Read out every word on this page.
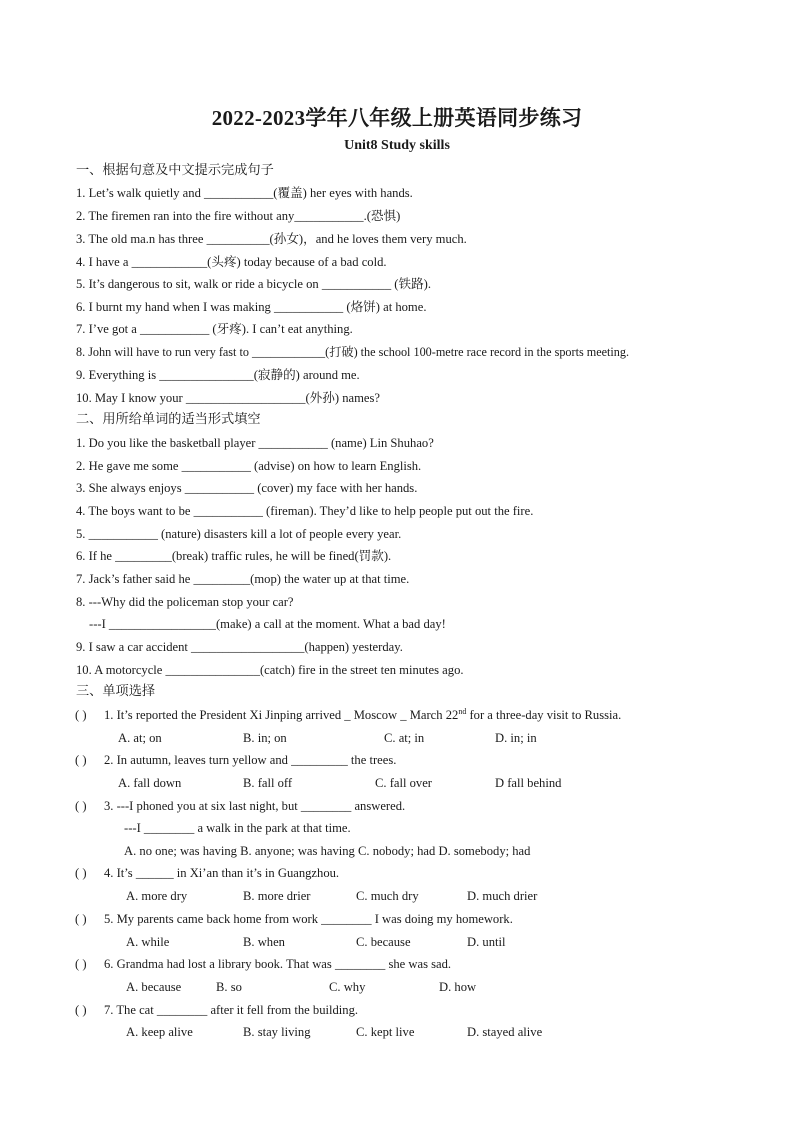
2022-2023学年八年级上册英语同步练习
Unit8 Study skills
一、根据句意及中文提示完成句子
1. Let’s walk quietly and ___________(覆盖) her eyes with hands.
2. The firemen ran into the fire without any___________.(恐惧)
3. The old ma.n has three __________(孙女)，and he loves them very much.
4. I have a ____________(头疼) today because of a bad cold.
5. It’s dangerous to sit, walk or ride a bicycle on ___________ (铁路).
6. I burnt my hand when I was making ___________ (烙饼) at home.
7. I’ve got a ___________ (牙疼). I can’t eat anything.
8. John will have to run very fast to ____________(打破) the school 100-metre race record in the sports meeting.
9. Everything is _______________(寂静的) around me.
10. May I know your ___________________(外孙) names?
二、用所给单词的适当形式填空
1. Do you like the basketball player ___________ (name) Lin Shuhao?
2. He gave me some ___________ (advise) on how to learn English.
3. She always enjoys ___________ (cover) my face with her hands.
4. The boys want to be ___________ (fireman). They’d like to help people put out the fire.
5. ___________ (nature) disasters kill a lot of people every year.
6. If he _________(break) traffic rules, he will be fined(罚款).
7. Jack’s father said he _________(mop) the water up at that time.
8. ---Why did the policeman stop your car?
---I _________________(make) a call at the moment. What a bad day!
9. I saw a car accident __________________(happen) yesterday.
10. A motorcycle _______________(catch) fire in the street ten minutes ago.
三、单项选择
( ) 1. It’s reported the President Xi Jinping arrived _ Moscow _ March 22nd for a three-day visit to Russia.
A. at; on	B. in; on	C. at; in	D. in; in
( ) 2. In autumn, leaves turn yellow and _________ the trees.
A. fall down	B. fall off	C. fall over	D fall behind
( ) 3. ---I phoned you at six last night, but ________ answered.
---I ________ a walk in the park at that time.
A. no one; was having B. anyone; was having C. nobody; had D. somebody; had
( ) 4. It’s ______ in Xi’an than it’s in Guangzhou.
A. more dry	B. more drier	C. much dry	D. much drier
( ) 5. My parents came back home from work ________ I was doing my homework.
A. while	B. when	C. because	D. until
( ) 6. Grandma had lost a library book. That was ________ she was sad.
A. because	B. so	C. why	D. how
( ) 7. The cat ________ after it fell from the building.
A. keep alive	B. stay living	C. kept live	D. stayed alive
